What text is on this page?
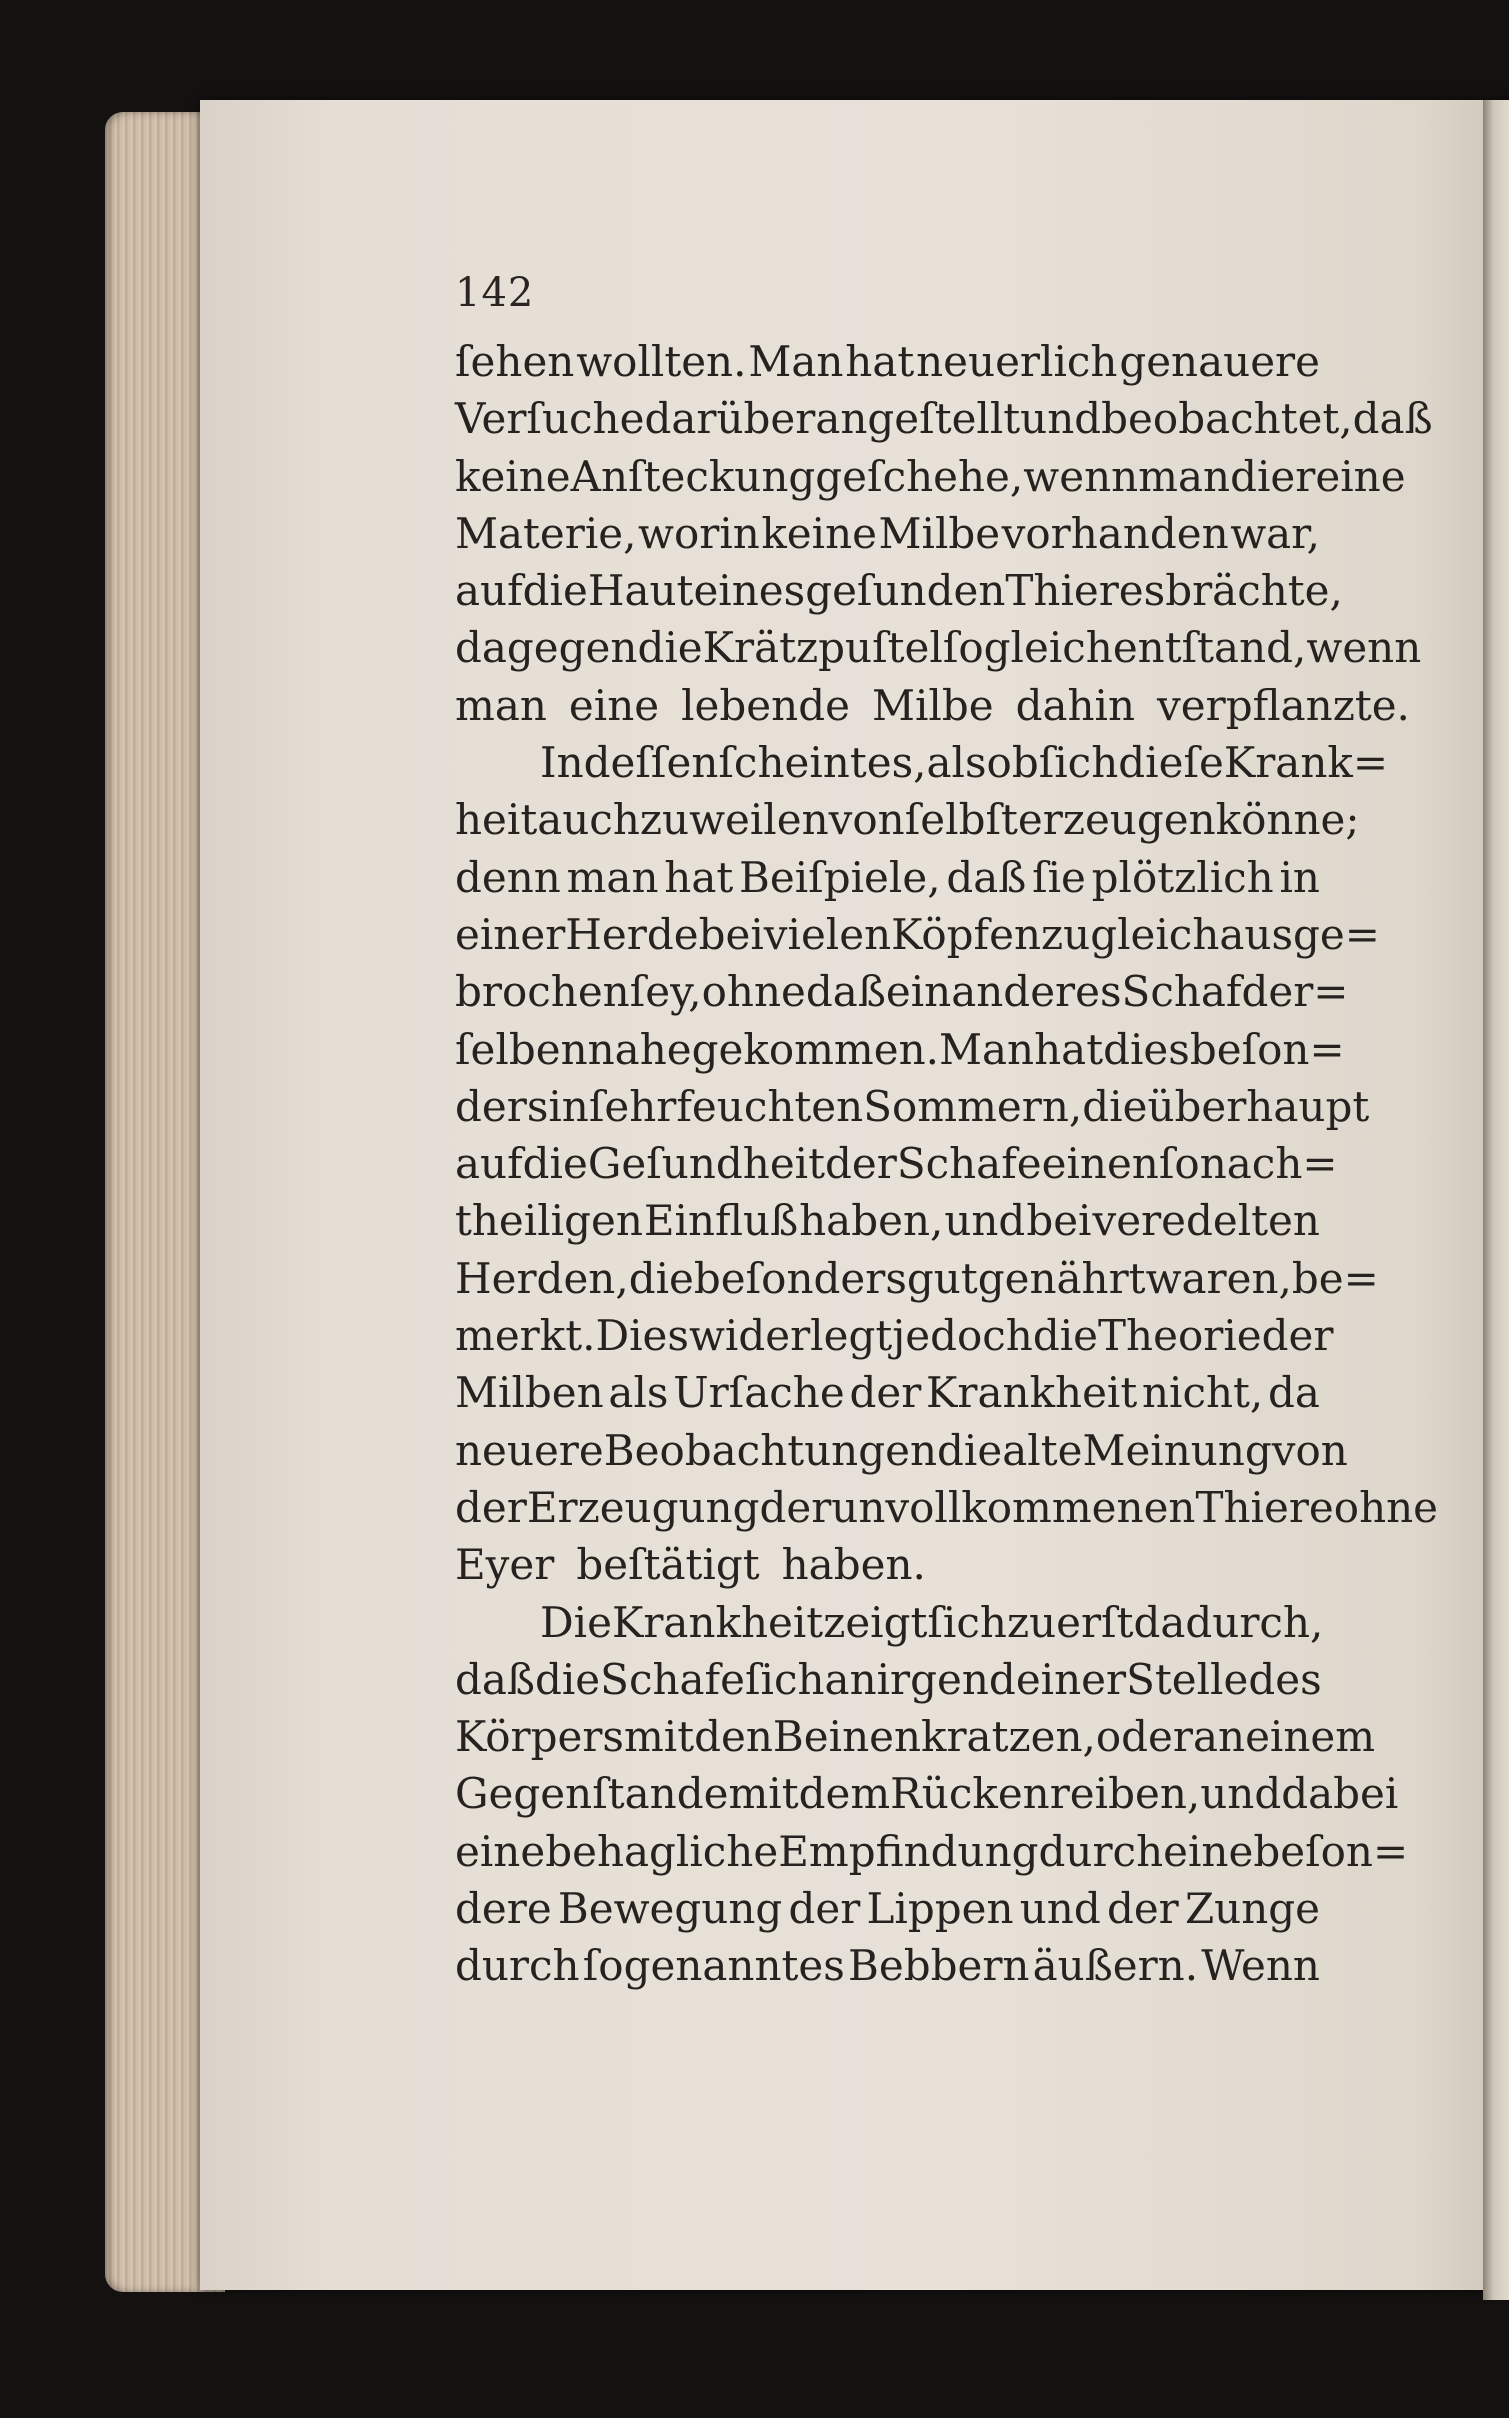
142
ſehen wollten. Man hat neuerlich genauere
Verſuche darüber angeſtellt und beobachtet, daß
keine Anſteckung geſchehe, wenn man die reine
Materie, worin keine Milbe vorhanden war,
auf die Haut eines geſunden Thieres brächte,
dagegen die Krätzpuſtel ſogleich entſtand, wenn
man eine lebende Milbe dahin verpflanzte.
Indeſſen ſcheint es, als ob ſich dieſe Krank=
heit auch zuweilen von ſelbſt erzeugen könne;
denn man hat Beiſpiele, daß ſie plötzlich in
einer Herde bei vielen Köpfen zugleich ausge=
brochen ſey, ohne daß ein anderes Schaf der=
ſelben nahe gekommen. Man hat dies beſon=
ders in ſehr feuchten Sommern, die überhaupt
auf die Geſundheit der Schafe einen ſo nach=
theiligen Einfluß haben, und bei veredelten
Herden, die beſonders gut genährt waren, be=
merkt. Dies widerlegt jedoch die Theorie der
Milben als Urſache der Krankheit nicht, da
neuere Beobachtungen die alte Meinung von
der Erzeugung der unvollkommenen Thiere ohne
Eyer beſtätigt haben.
Die Krankheit zeigt ſich zuerſt dadurch,
daß die Schafe ſich an irgend einer Stelle des
Körpers mit den Beinen kratzen, oder an einem
Gegenſtande mit dem Rücken reiben, und dabei
eine behagliche Empfindung durch eine beſon=
dere Bewegung der Lippen und der Zunge
durch ſogenanntes Bebbern äußern. Wenn
